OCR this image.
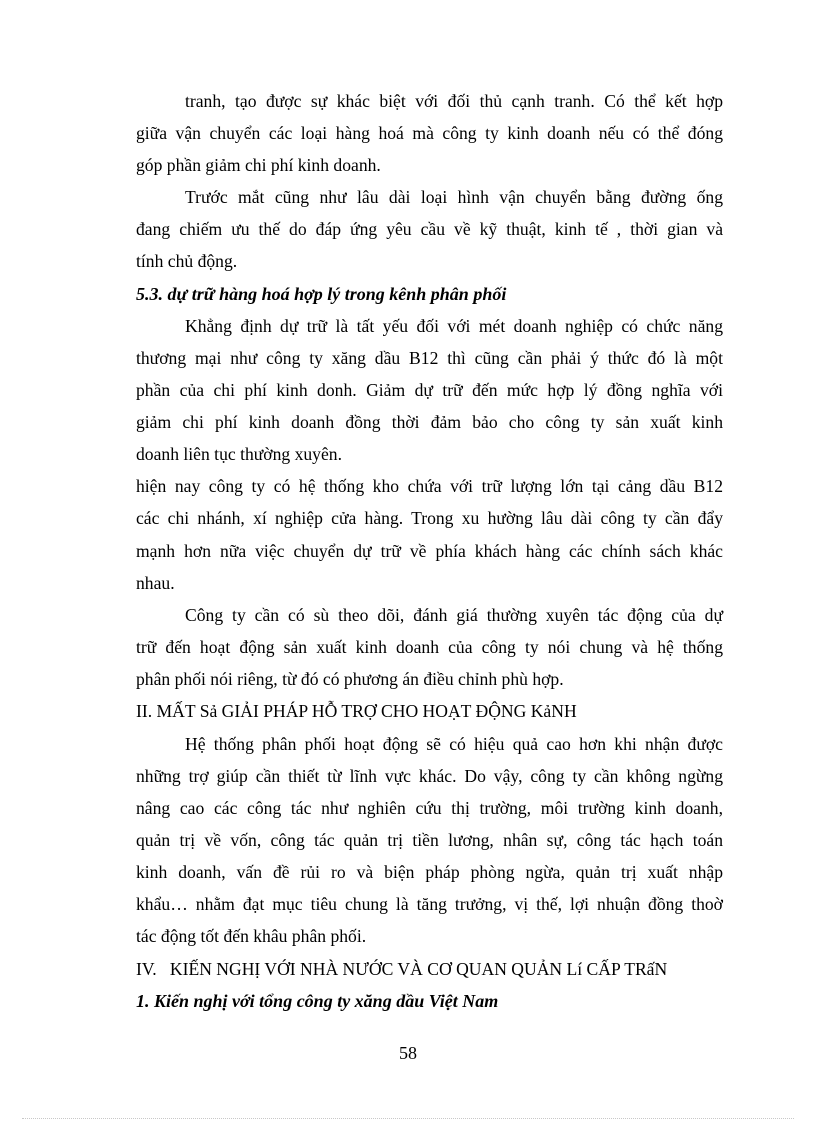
tranh, tạo được sự khác biệt với đối thủ cạnh tranh. Có thể kết hợp
giữa vận chuyển các loại hàng hoá mà công ty kinh doanh nếu có thể đóng
góp phần giảm chi phí kinh doanh.
Trước mắt cũng như lâu dài loại hình vận chuyển bằng đường ống
đang chiếm ưu thế do đáp ứng yêu cầu về kỹ thuật, kinh tế , thời gian và
tính chủ động.
5.3. dự trữ hàng hoá hợp lý trong kênh phân phối
Khẳng định dự trữ là tất yếu đối với mét doanh nghiệp có chức năng
thương mại như công ty xăng dầu B12 thì cũng cần phải ý thức đó là một
phần của chi phí kinh donh. Giảm dự trữ đến mức hợp lý đồng nghĩa với
giảm chi phí kinh doanh đồng thời đảm bảo cho công ty sản xuất kinh
doanh liên tục thường xuyên.
hiện nay công ty có hệ thống kho chứa với trữ lượng lớn tại cảng dầu B12
các chi nhánh, xí nghiệp cửa hàng. Trong xu hường lâu dài công ty cần đẩy
mạnh hơn nữa việc chuyển dự trữ về phía khách hàng các chính sách khác
nhau.
Công ty cần có sù theo dõi, đánh giá thường xuyên tác động của dự
trữ đến hoạt động sản xuất kinh doanh của công ty nói chung và hệ thống
phân phối nói riêng, từ đó có phương án điều chỉnh phù hợp.
II. MẤT Sả GIẢI PHÁP HỖ TRỢ CHO HOẠT ĐỘNG KảNH
Hệ thống phân phối hoạt động sẽ có hiệu quả cao hơn khi nhận được
những trợ giúp cần thiết từ lĩnh vực khác. Do vậy, công ty cần không ngừng
nâng cao các công tác như nghiên cứu thị trường, môi trường kinh doanh,
quản trị về vốn, công tác quản trị tiền lương, nhân sự, công tác hạch toán
kinh doanh, vấn đề rủi ro và biện pháp phòng ngừa, quản trị xuất nhập
khẩu… nhằm đạt mục tiêu chung là tăng trưởng, vị thế, lợi nhuận đồng thoờ
tác động tốt đến khâu phân phối.
IV.   KIẾN NGHỊ VỚI NHÀ NƯỚC VÀ CƠ QUAN QUẢN Lí CẤP TRấN
1. Kiến nghị với tổng công ty xăng dầu Việt Nam
58
